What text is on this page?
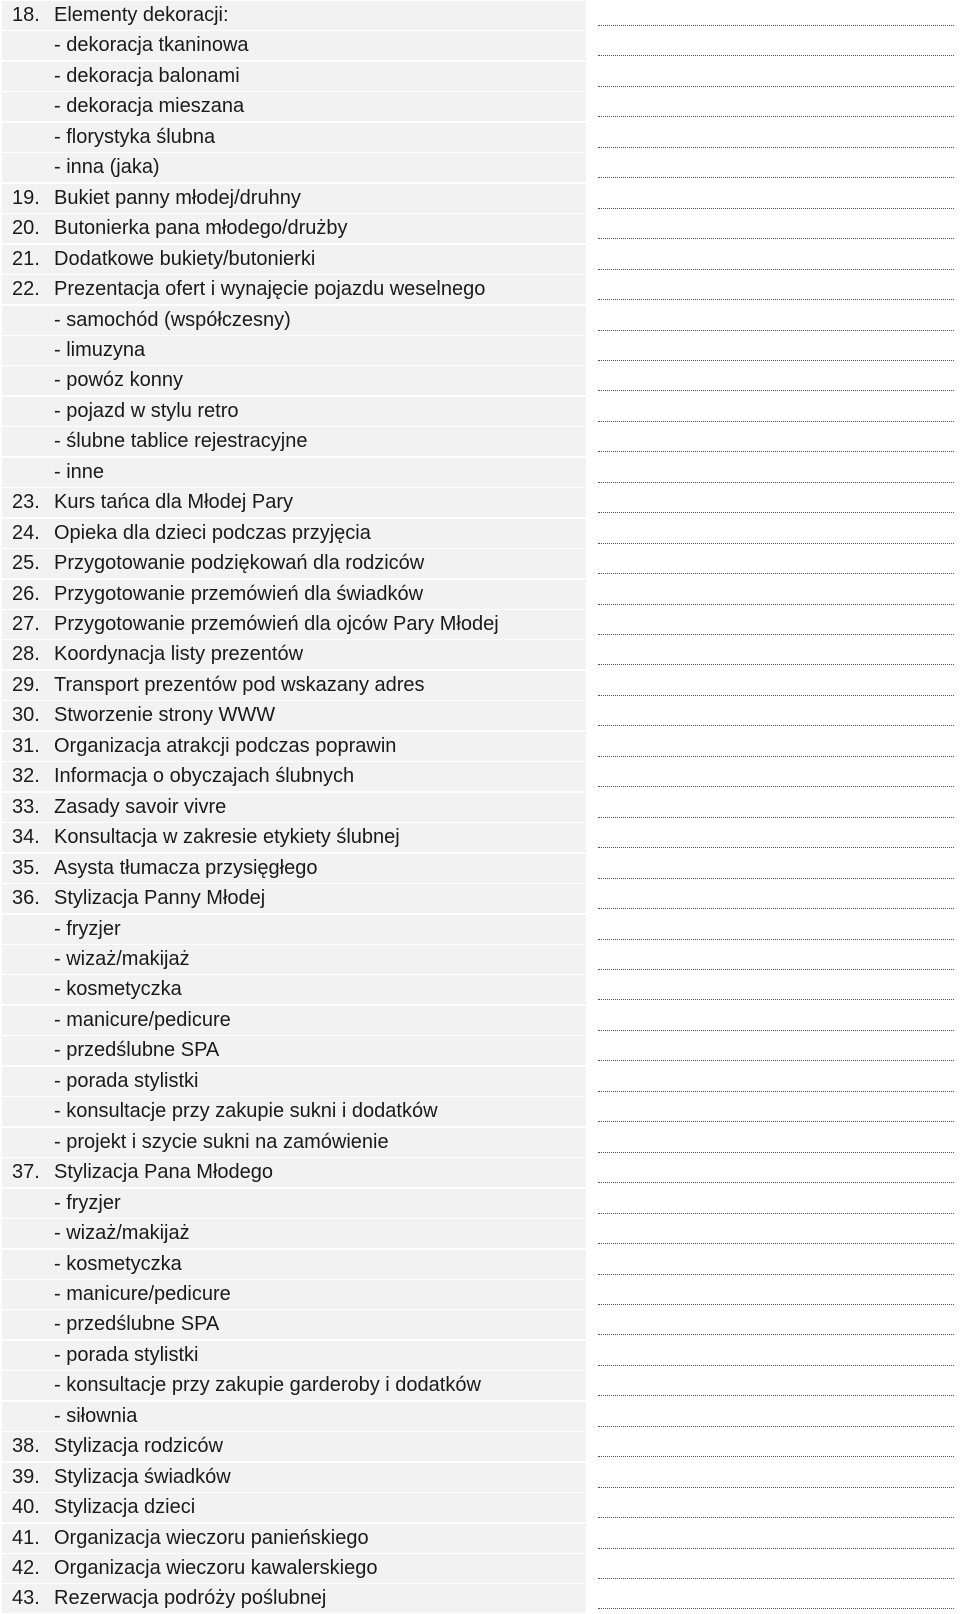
18. Elementy dekoracji:
- dekoracja tkaninowa
- dekoracja balonami
- dekoracja mieszana
- florystyka ślubna
- inna (jaka)
19. Bukiet panny młodej/druhny
20. Butonierka pana młodego/drużby
21. Dodatkowe bukiety/butonierki
22. Prezentacja ofert i wynajęcie pojazdu weselnego
- samochód (współczesny)
- limuzyna
- powóz konny
- pojazd w stylu retro
- ślubne tablice rejestracyjne
- inne
23. Kurs tańca dla Młodej Pary
24. Opieka dla dzieci podczas przyjęcia
25. Przygotowanie podziękowań dla rodziców
26. Przygotowanie przemówień dla świadków
27. Przygotowanie przemówień dla ojców Pary Młodej
28. Koordynacja listy prezentów
29. Transport prezentów pod wskazany adres
30. Stworzenie strony WWW
31. Organizacja atrakcji podczas poprawin
32. Informacja o obyczajach ślubnych
33. Zasady savoir vivre
34. Konsultacja w zakresie etykiety ślubnej
35. Asysta tłumacza przysięgłego
36. Stylizacja Panny Młodej
- fryzjer
- wizaż/makijaż
- kosmetyczka
- manicure/pedicure
- przedślubne SPA
- porada stylistki
- konsultacje przy zakupie sukni i dodatków
- projekt i szycie sukni na zamówienie
37. Stylizacja Pana Młodego
- fryzjer
- wizaż/makijaż
- kosmetyczka
- manicure/pedicure
- przedślubne SPA
- porada stylistki
- konsultacje przy zakupie garderoby i dodatków
- siłownia
38. Stylizacja rodziców
39. Stylizacja świadków
40. Stylizacja dzieci
41. Organizacja wieczoru panieńskiego
42. Organizacja wieczoru kawalerskiego
43. Rezerwacja podróży poślubnej
